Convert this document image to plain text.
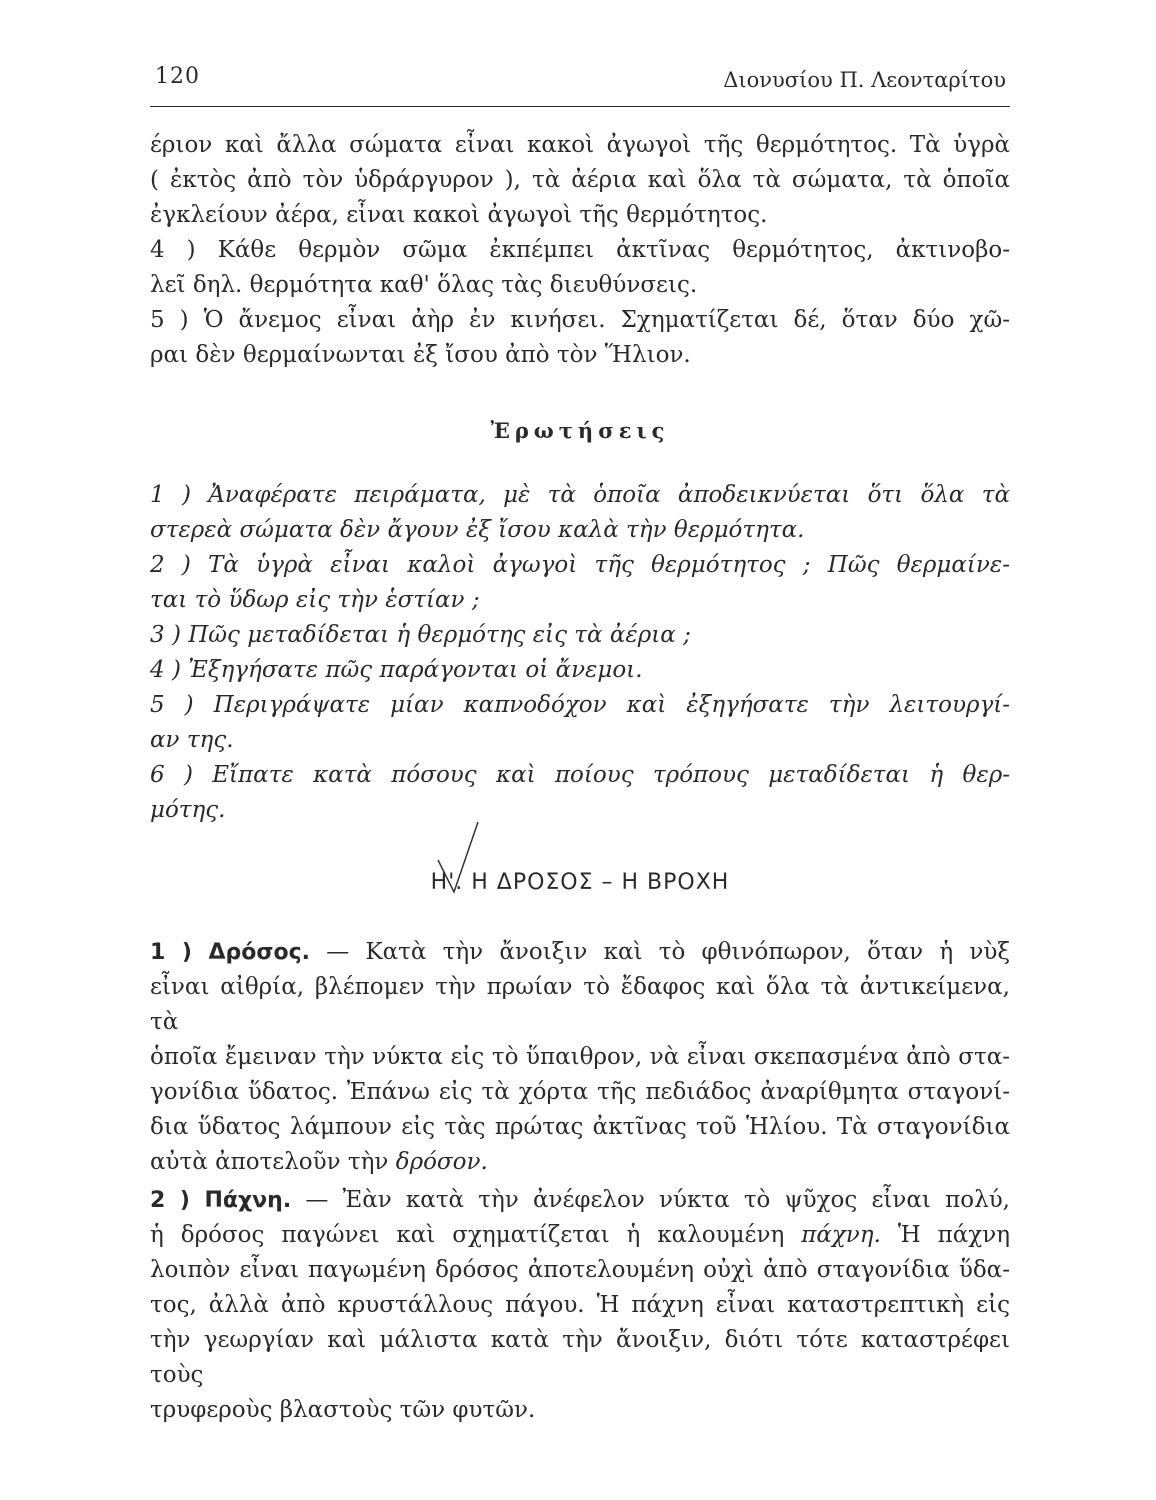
120	Διονυσίου Π. Λεονταρίτου
έριον καὶ ἄλλα σώματα εἶναι κακοὶ ἀγωγοὶ τῆς θερμότητος. Τὰ ὑγρὰ
( ἐκτὸς ἀπὸ τὸν ὑδράργυρον ), τὰ ἀέρια καὶ ὅλα τὰ σώματα, τὰ ὁποῖα
ἐγκλείουν ἀέρα, εἶναι κακοὶ ἀγωγοὶ τῆς θερμότητος.
4 ) Κάθε θερμὸν σῶμα ἐκπέμπει ἀκτῖνας θερμότητος, ἀκτινοβο-
λεῖ δηλ. θερμότητα καθ' ὅλας τὰς διευθύνσεις.
5 ) Ὁ ἄνεμος εἶναι ἀὴρ ἐν κινήσει. Σχηματίζεται δέ, ὅταν δύο χῶ-
ραι δὲν θερμαίνωνται ἐξ ἴσου ἀπὸ τὸν Ἥλιον.
Ἐρωτήσεις
1 ) Ἀναφέρατε πειράματα, μὲ τὰ ὁποῖα ἀποδεικνύεται ὅτι ὅλα τὰ
στερεὰ σώματα δὲν ἄγουν ἐξ ἴσου καλὰ τὴν θερμότητα.
2 ) Τὰ ὑγρὰ εἶναι καλοὶ ἀγωγοὶ τῆς θερμότητος ; Πῶς θερμαίνε-
ται τὸ ὕδωρ εἰς τὴν ἑστίαν ;
3 ) Πῶς μεταδίδεται ἡ θερμότης εἰς τὰ ἀέρια ;
4 ) Ἐξηγήσατε πῶς παράγονται οἱ ἄνεμοι.
5 ) Περιγράψατε μίαν καπνοδόχον καὶ ἐξηγήσατε τὴν λειτουργί-
αν της.
6 ) Εἴπατε κατὰ πόσους καὶ ποίους τρόπους μεταδίδεται ἡ θερ-
μότης.
Η'. Η ΔΡΟΣΟΣ – Η ΒΡΟΧΗ
1 ) Δρόσος. — Κατὰ τὴν ἄνοιξιν καὶ τὸ φθινόπωρον, ὅταν ἡ νὺξ
εἶναι αἰθρία, βλέπομεν τὴν πρωίαν τὸ ἔδαφος καὶ ὅλα τὰ ἀντικείμενα, τὰ
ὁποῖα ἔμειναν τὴν νύκτα εἰς τὸ ὕπαιθρον, νὰ εἶναι σκεπασμένα ἀπὸ στα-
γονίδια ὕδατος. Ἐπάνω εἰς τὰ χόρτα τῆς πεδιάδος ἀναρίθμητα σταγονί-
δια ὕδατος λάμπουν εἰς τὰς πρώτας ἀκτῖνας τοῦ Ἡλίου. Τὰ σταγονίδια
αὐτὰ ἀποτελοῦν τὴν δρόσον.
2 ) Πάχνη. — Ἐὰν κατὰ τὴν ἀνέφελον νύκτα τὸ ψῦχος εἶναι πολύ,
ἡ δρόσος παγώνει καὶ σχηματίζεται ἡ καλουμένη πάχνη. Ἡ πάχνη
λοιπὸν εἶναι παγωμένη δρόσος ἀποτελουμένη οὐχὶ ἀπὸ σταγονίδια ὕδα-
τος, ἀλλὰ ἀπὸ κρυστάλλους πάγου. Ἡ πάχνη εἶναι καταστρεπτικὴ εἰς
τὴν γεωργίαν καὶ μάλιστα κατὰ τὴν ἄνοιξιν, διότι τότε καταστρέφει τοὺς
τρυφεροὺς βλαστοὺς τῶν φυτῶν.
